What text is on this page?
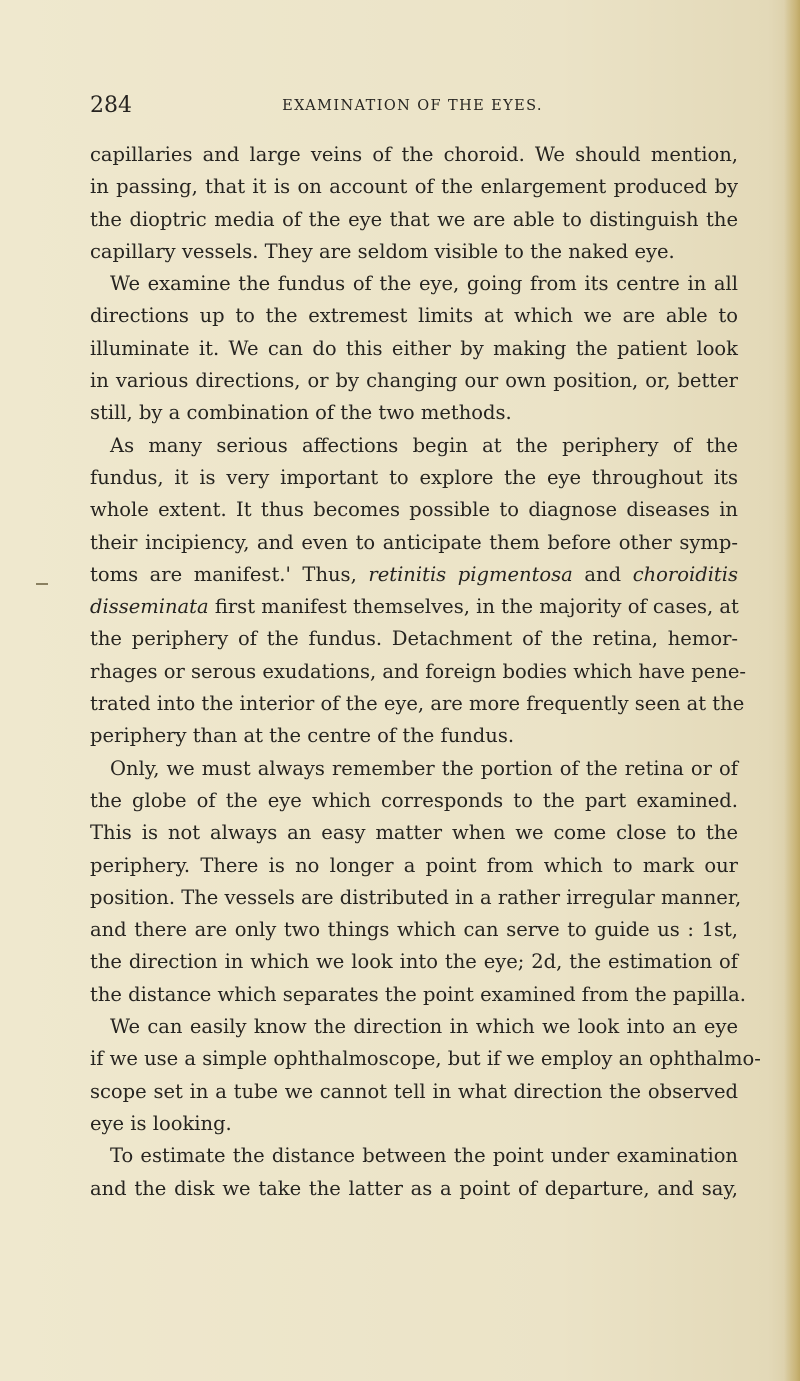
284	EXAMINATION OF THE EYES.
capillaries and large veins of the choroid. We should mention,
in passing, that it is on account of the enlargement produced by
the dioptric media of the eye that we are able to distinguish the
capillary vessels. They are seldom visible to the naked eye.
We examine the fundus of the eye, going from its centre in all
directions up to the extremest limits at which we are able to
illuminate it. We can do this either by making the patient look
in various directions, or by changing our own position, or, better
still, by a combination of the two methods.
As many serious affections begin at the periphery of the
fundus, it is very important to explore the eye throughout its
whole extent. It thus becomes possible to diagnose diseases in
their incipiency, and even to anticipate them before other symp-
toms are manifest.' Thus, retinitis pigmentosa and choroiditis
disseminata first manifest themselves, in the majority of cases, at
the periphery of the fundus. Detachment of the retina, hemor-
rhages or serous exudations, and foreign bodies which have pene-
trated into the interior of the eye, are more frequently seen at the
periphery than at the centre of the fundus.
Only, we must always remember the portion of the retina or of
the globe of the eye which corresponds to the part examined.
This is not always an easy matter when we come close to the
periphery. There is no longer a point from which to mark our
position. The vessels are distributed in a rather irregular manner,
and there are only two things which can serve to guide us : 1st,
the direction in which we look into the eye; 2d, the estimation of
the distance which separates the point examined from the papilla.
We can easily know the direction in which we look into an eye
if we use a simple ophthalmoscope, but if we employ an ophthalmo-
scope set in a tube we cannot tell in what direction the observed
eye is looking.
To estimate the distance between the point under examination
and the disk we take the latter as a point of departure, and say,
